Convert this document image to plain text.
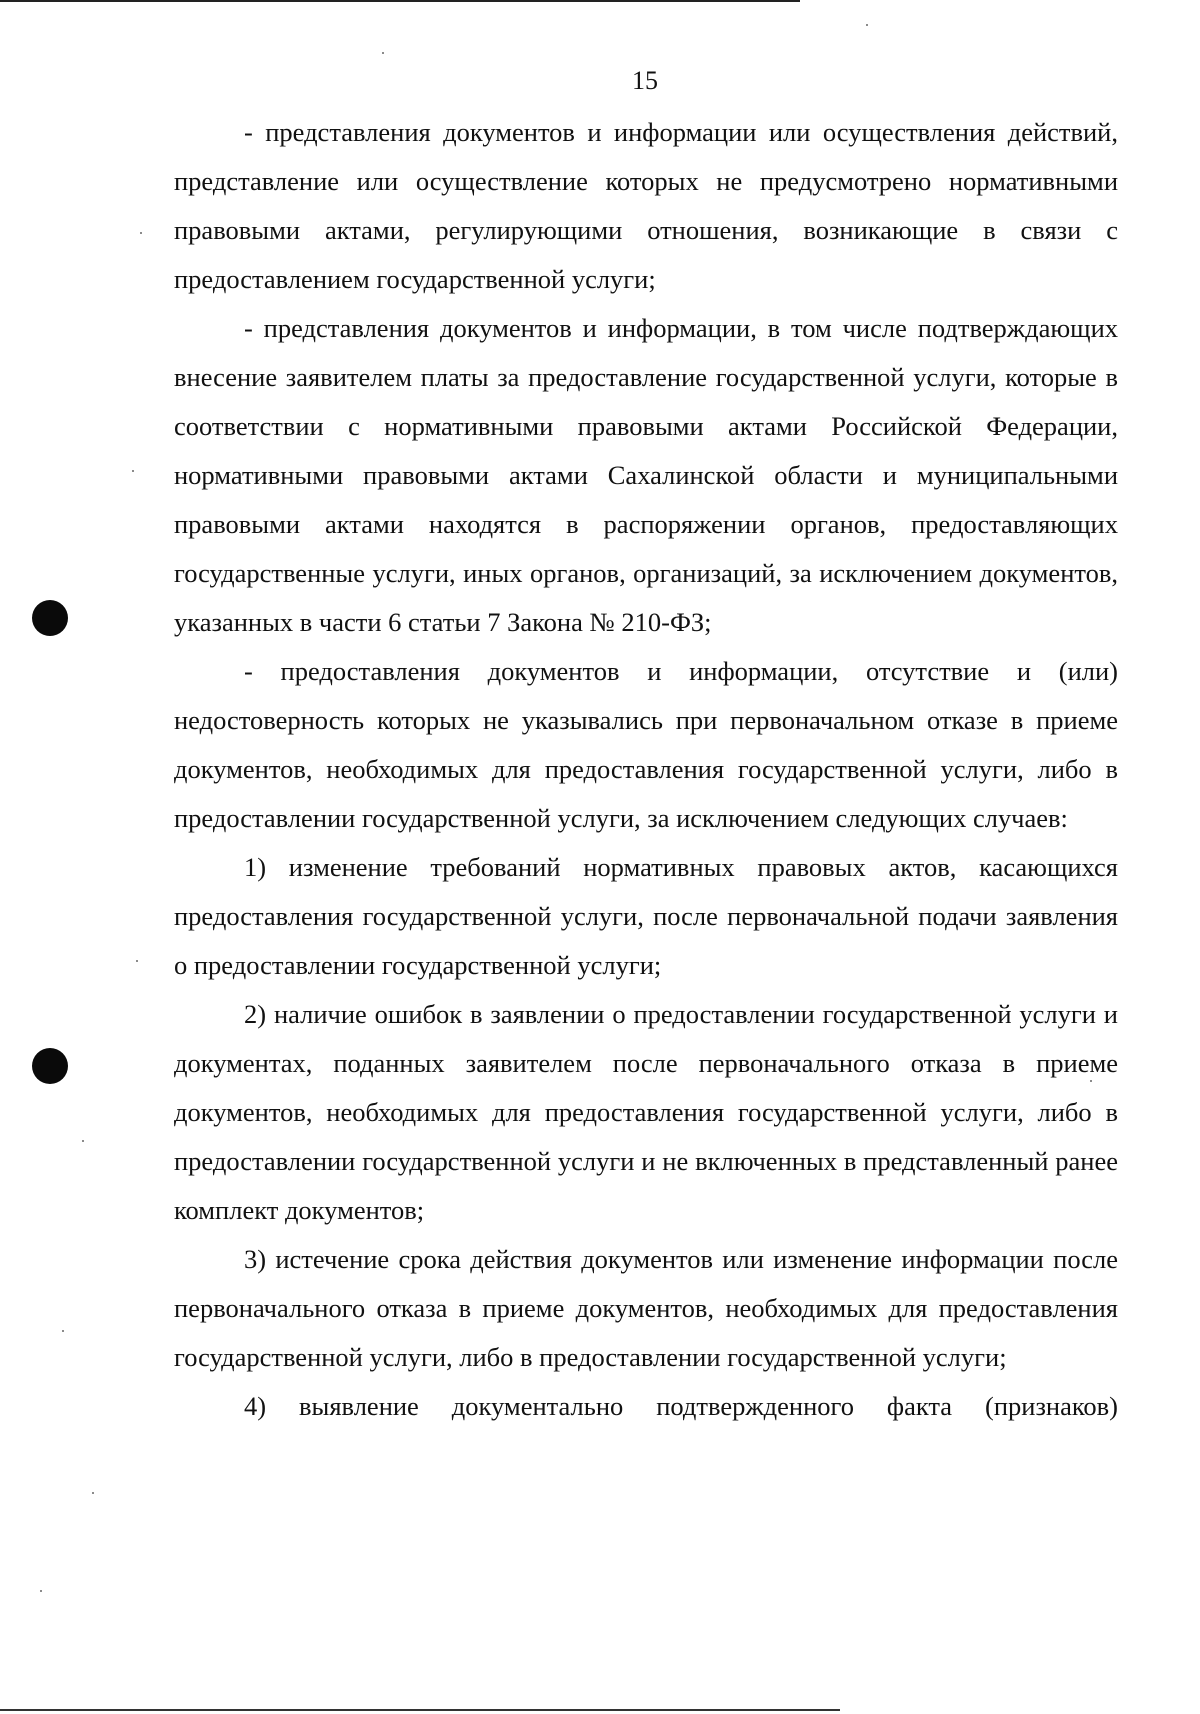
15

- представления документов и информации или осуществления действий, представление или осуществление которых не предусмотрено нормативными правовыми актами, регулирующими отношения, возникающие в связи с предоставлением государственной услуги;

- представления документов и информации, в том числе подтверждающих внесение заявителем платы за предоставление государственной услуги, которые в соответствии с нормативными правовыми актами Российской Федерации, нормативными правовыми актами Сахалинской области и муниципальными правовыми актами находятся в распоряжении органов, предоставляющих государственные услуги, иных органов, организаций, за исключением документов, указанных в части 6 статьи 7 Закона № 210-ФЗ;

- предоставления документов и информации, отсутствие и (или) недостоверность которых не указывались при первоначальном отказе в приеме документов, необходимых для предоставления государственной услуги, либо в предоставлении государственной услуги, за исключением следующих случаев:

1) изменение требований нормативных правовых актов, касающихся предоставления государственной услуги, после первоначальной подачи заявления о предоставлении государственной услуги;

2) наличие ошибок в заявлении о предоставлении государственной услуги и документах, поданных заявителем после первоначального отказа в приеме документов, необходимых для предоставления государственной услуги, либо в предоставлении государственной услуги и не включенных в представленный ранее комплект документов;

3) истечение срока действия документов или изменение информации после первоначального отказа в приеме документов, необходимых для предоставления государственной услуги, либо в предоставлении государственной услуги;

4) выявление документально подтвержденного факта (признаков)
